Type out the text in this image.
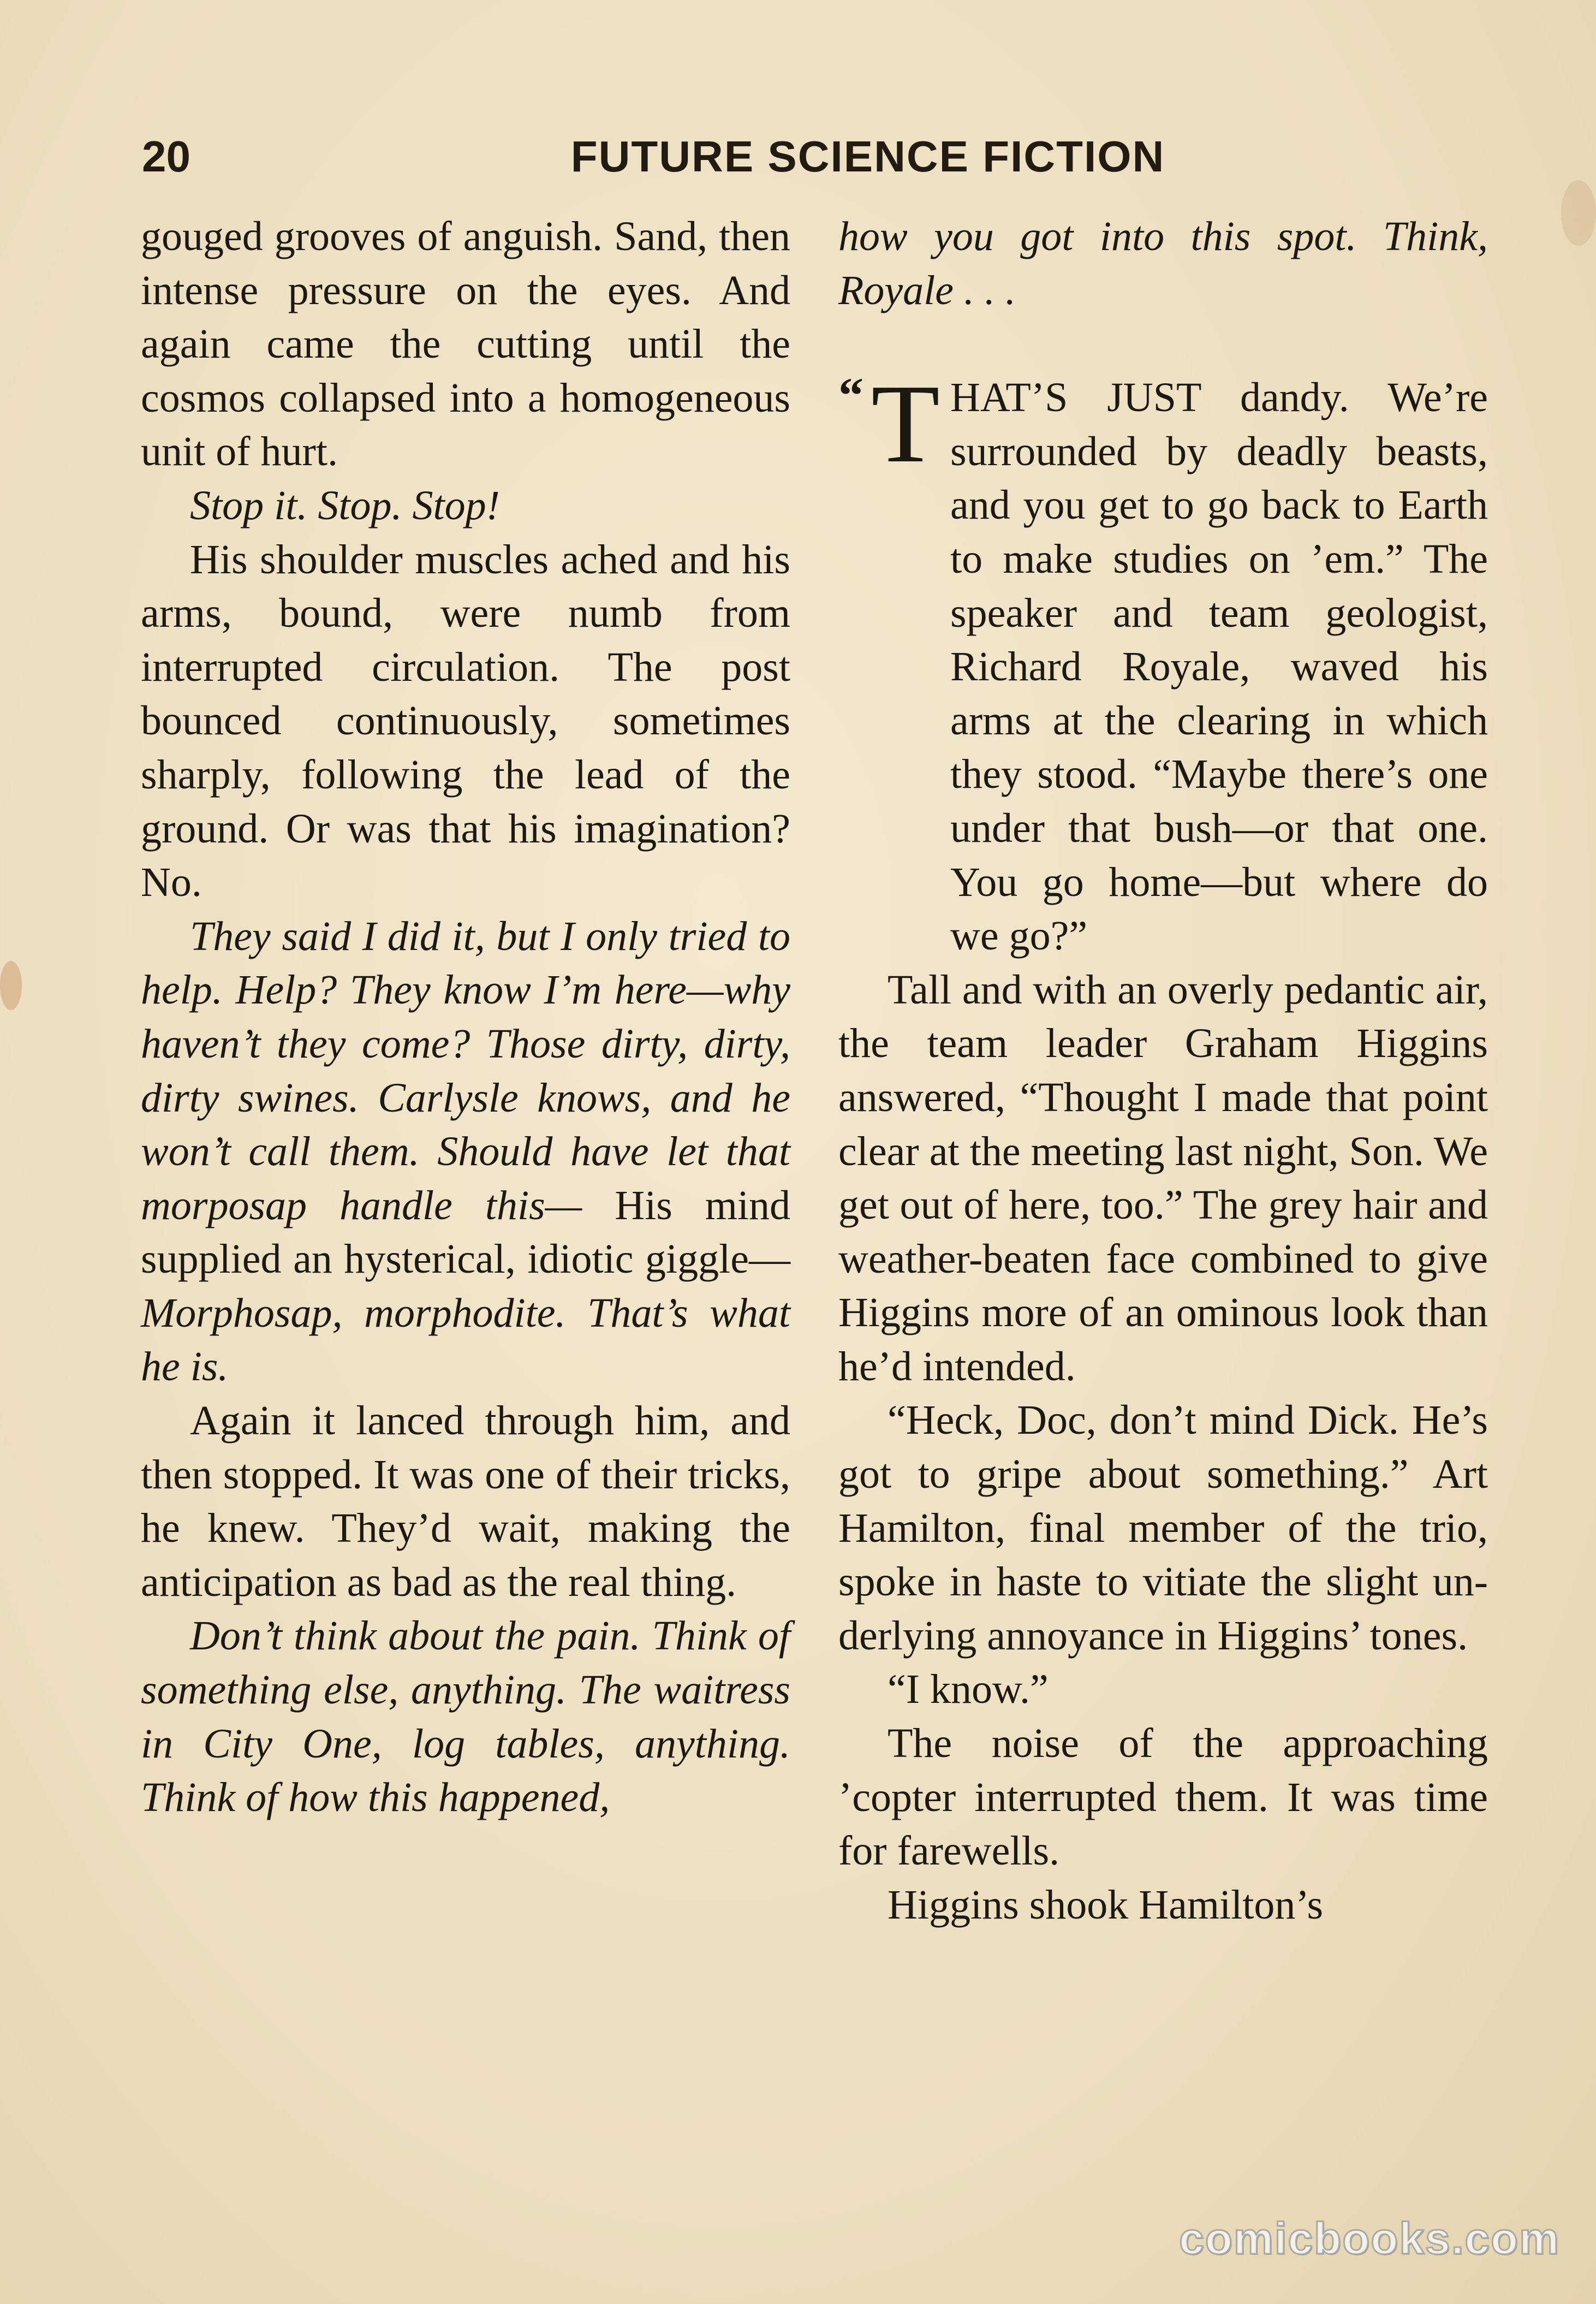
20	FUTURE SCIENCE FICTION

gouged grooves of anguish. Sand, then intense pressure on the eyes. And again came the cutting until the cosmos collapsed into a homogeneous unit of hurt.

Stop it. Stop. Stop!

His shoulder muscles ached and his arms, bound, were numb from interrupted circulation. The post bounced continuously, sometimes sharply, following the lead of the ground. Or was that his imagination? No.

They said I did it, but I only tried to help. Help? They know I’m here—why haven’t they come? Those dirty, dirty, dirty swines. Carlysle knows, and he won’t call them. Should have let that morposap handle this— His mind supplied an hysterical, idiotic giggle— Morphosap, morphodite. That’s what he is.

Again it lanced through him, and then stopped. It was one of their tricks, he knew. They’d wait, making the anticipation as bad as the real thing.

Don’t think about the pain. Think of something else, anything. The waitress in City One, log tables, anything. Think of how this happened,

how you got into this spot. Think, Royale . . .

“ T HAT’S JUST dandy. We’re surrounded by deadly beasts, and you get to go back to Earth to make studies on ’em.” The speaker and team geologist, Richard Royale, waved his arms at the clearing in which they stood. “Maybe there’s one under that bush—or that one. You go home—but where do we go?”

Tall and with an overly pedantic air, the team leader Graham Higgins answered, “Thought I made that point clear at the meeting last night, Son. We get out of here, too.” The grey hair and weather-beaten face combined to give Higgins more of an ominous look than he’d intended.

“Heck, Doc, don’t mind Dick. He’s got to gripe about something.” Art Hamilton, final member of the trio, spoke in haste to vitiate the slight underlying annoyance in Higgins’ tones.

“I know.”

The noise of the approaching ’copter interrupted them. It was time for farewells.

Higgins shook Hamilton’s

comicbooks.com
